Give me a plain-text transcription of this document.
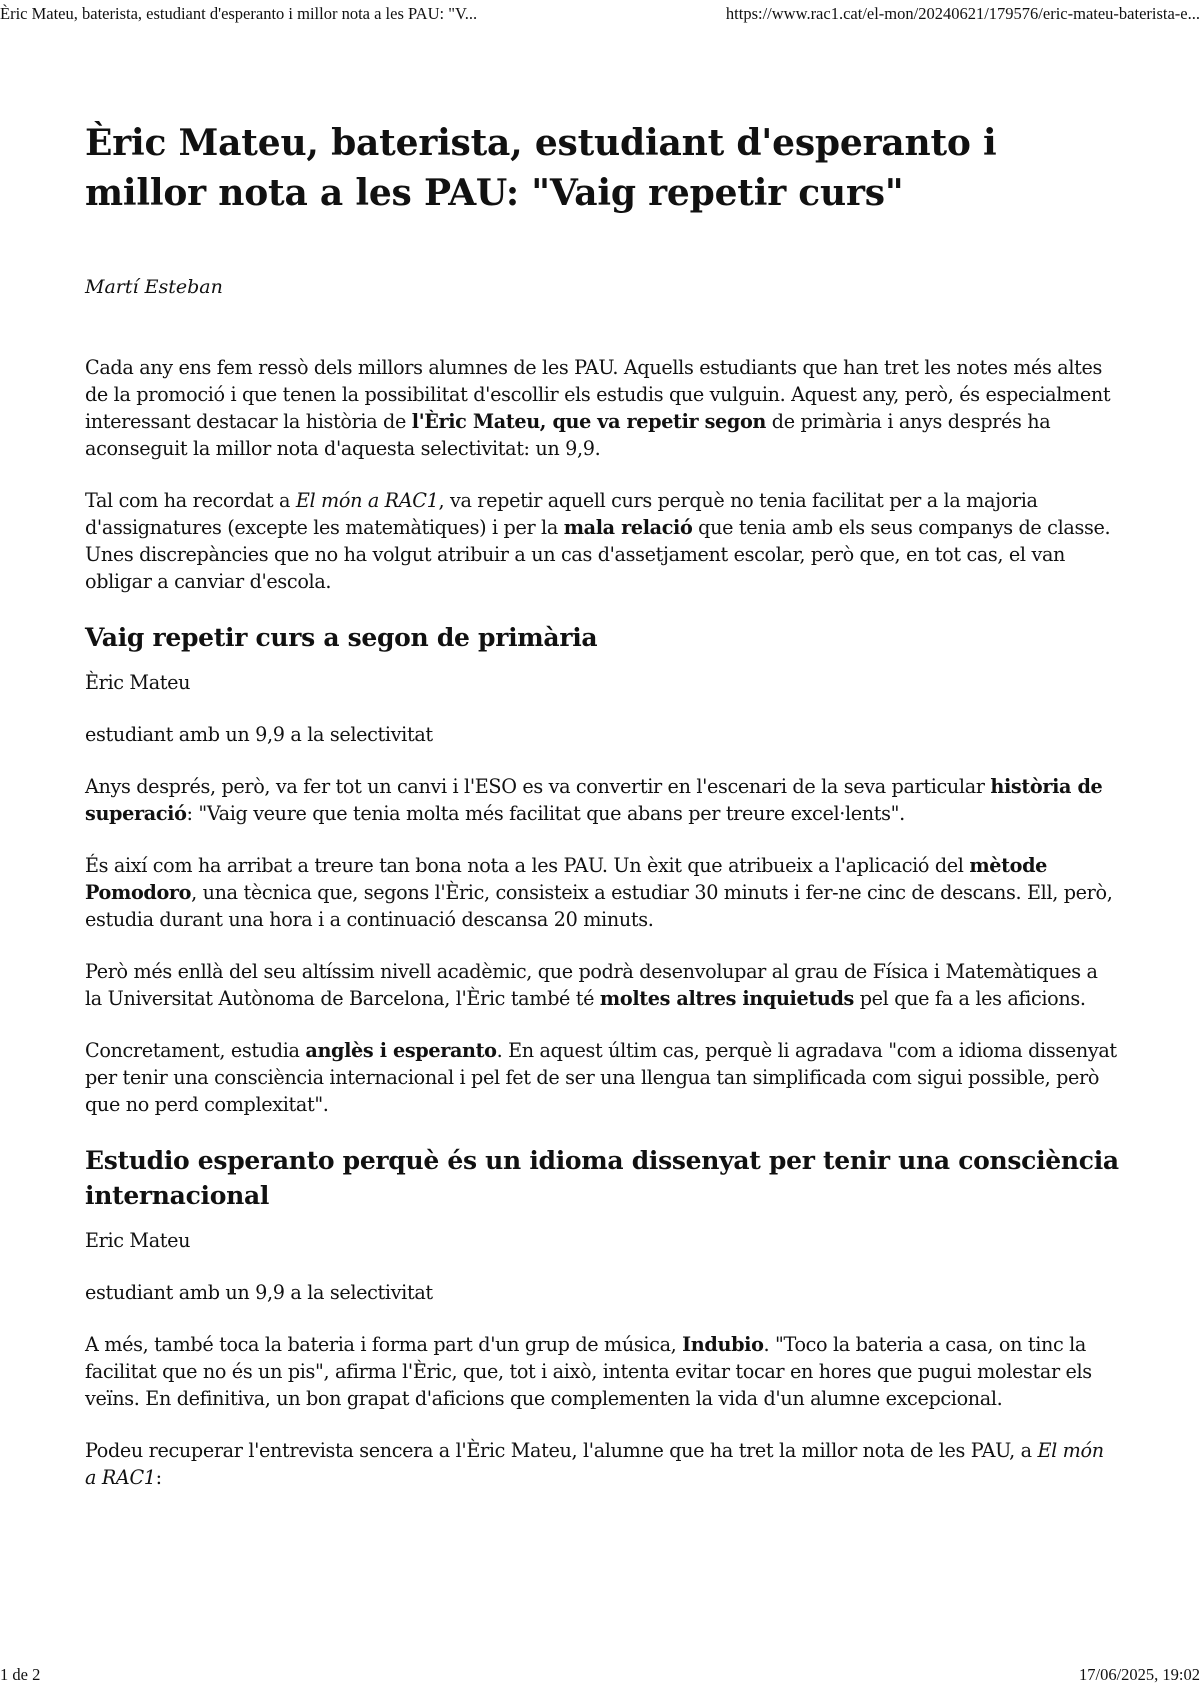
Èric Mateu, baterista, estudiant d'esperanto i millor nota a les PAU: "V...	https://www.rac1.cat/el-mon/20240621/179576/eric-mateu-baterista-e...
Èric Mateu, baterista, estudiant d'esperanto i millor nota a les PAU: "Vaig repetir curs"
Martí Esteban

Cada any ens fem ressò dels millors alumnes de les PAU. Aquells estudiants que han tret les notes més altes de la promoció i que tenen la possibilitat d'escollir els estudis que vulguin. Aquest any, però, és especialment interessant destacar la història de l'Èric Mateu, que va repetir segon de primària i anys després ha aconseguit la millor nota d'aquesta selectivitat: un 9,9.

Tal com ha recordat a El món a RAC1, va repetir aquell curs perquè no tenia facilitat per a la majoria d'assignatures (excepte les matemàtiques) i per la mala relació que tenia amb els seus companys de classe. Unes discrepàncies que no ha volgut atribuir a un cas d'assetjament escolar, però que, en tot cas, el van obligar a canviar d'escola.

Vaig repetir curs a segon de primària

Èric Mateu

estudiant amb un 9,9 a la selectivitat

Anys després, però, va fer tot un canvi i l'ESO es va convertir en l'escenari de la seva particular història de superació: "Vaig veure que tenia molta més facilitat que abans per treure excel·lents".

És així com ha arribat a treure tan bona nota a les PAU. Un èxit que atribueix a l'aplicació del mètode Pomodoro, una tècnica que, segons l'Èric, consisteix a estudiar 30 minuts i fer-ne cinc de descans. Ell, però, estudia durant una hora i a continuació descansa 20 minuts.

Però més enllà del seu altíssim nivell acadèmic, que podrà desenvolupar al grau de Física i Matemàtiques a la Universitat Autònoma de Barcelona, l'Èric també té moltes altres inquietuds pel que fa a les aficions.

Concretament, estudia anglès i esperanto. En aquest últim cas, perquè li agradava "com a idioma dissenyat per tenir una consciència internacional i pel fet de ser una llengua tan simplificada com sigui possible, però que no perd complexitat".

Estudio esperanto perquè és un idioma dissenyat per tenir una consciència internacional

Eric Mateu

estudiant amb un 9,9 a la selectivitat

A més, també toca la bateria i forma part d'un grup de música, Indubio. "Toco la bateria a casa, on tinc la facilitat que no és un pis", afirma l'Èric, que, tot i això, intenta evitar tocar en hores que pugui molestar els veïns. En definitiva, un bon grapat d'aficions que complementen la vida d'un alumne excepcional.

Podeu recuperar l'entrevista sencera a l'Èric Mateu, l'alumne que ha tret la millor nota de les PAU, a El món a RAC1:

1 de 2	17/06/2025, 19:02
